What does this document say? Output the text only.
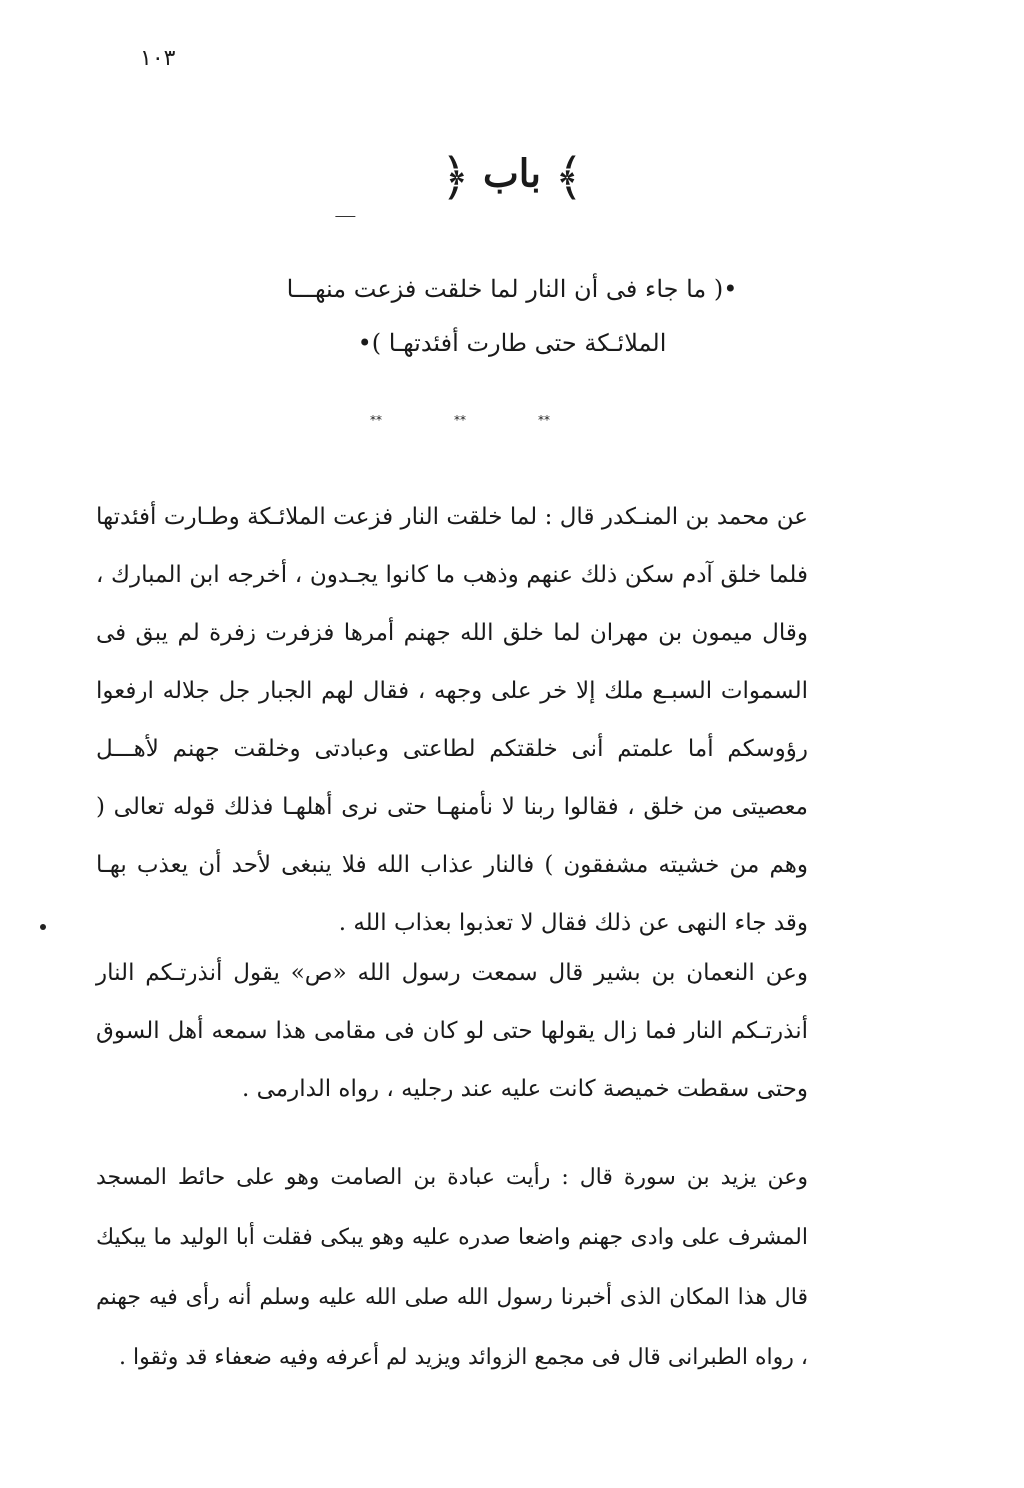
١٠٣
﴿ باب ﴾
•( ما جاء فى أن النار لما خلقت فزعت منهـــا
الملائـكة حتى طارت أفئدتهـا )•
**	**	**
عن محمد بن المنـكدر قال : لما خلقت النار فزعت الملائـكة وطـارت أفئدتها فلما خلق آدم سكن ذلك عنهم وذهب ما كانوا يجـدون ، أخرجه ابن المبارك ، وقال ميمون بن مهران لما خلق الله جهنم أمرها فزفرت زفرة لم يبق فى السموات السبـع ملك إلا خر على وجهه ، فقال لهم الجبار جل جلاله ارفعوا رؤوسكم أما علمتم أنى خلقتكم لطاعتى وعبادتى وخلقت جهنم لأهـــل معصيتى من خلق ، فقالوا ربنا لا نأمنهـا حتى نرى أهلهـا فذلك قوله تعالى ( وهم من خشيته مشفقون ) فالنار عذاب الله فلا ينبغى لأحد أن يعذب بهـا وقد جاء النهى عن ذلك فقال لا تعذبوا بعذاب الله .
وعن النعمان بن بشير قال سمعت رسول الله «ص» يقول أنذرتـكم النار أنذرتـكم النار فما زال يقولها حتى لو كان فى مقامى هذا سمعه أهل السوق وحتى سقطت خميصة كانت عليه عند رجليه ، رواه الدارمى .
وعن يزيد بن سورة قال : رأيت عبادة بن الصامت وهو على حائط المسجد المشرف على وادى جهنم واضعا صدره عليه وهو يبكى فقلت أبا الوليد ما يبكيك قال هذا المكان الذى أخبرنا رسول الله صلى الله عليه وسلم أنه رأى فيه جهنم ، رواه الطبرانى قال فى مجمع الزوائد ويزيد لم أعرفه وفيه ضعفاء قد وثقوا .
